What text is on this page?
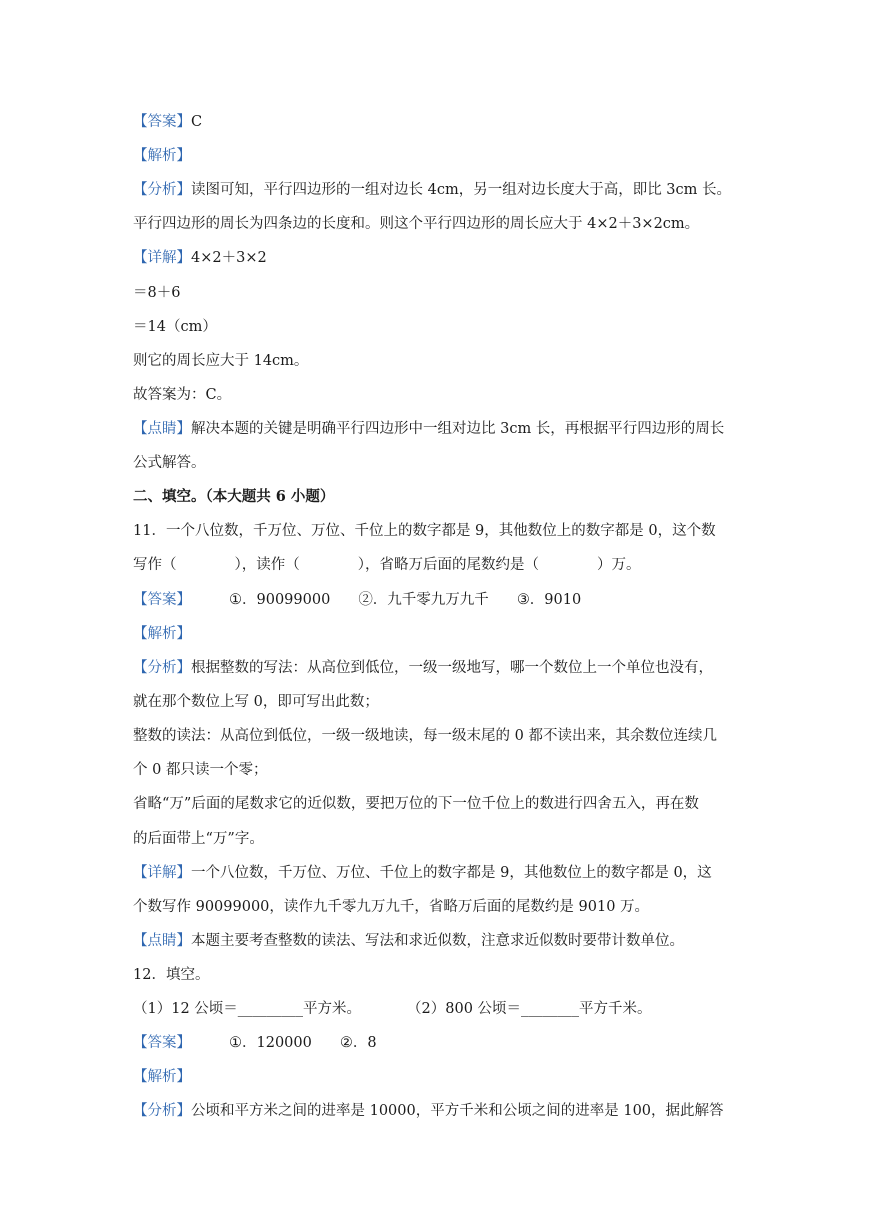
【答案】C
【解析】
【分析】读图可知，平行四边形的一组对边长 4cm，另一组对边长度大于高，即比 3cm 长。
平行四边形的周长为四条边的长度和。则这个平行四边形的周长应大于 4×2＋3×2cm。
【详解】4×2＋3×2
＝8＋6
＝14（cm）
则它的周长应大于 14cm。
故答案为：C。
【点睛】解决本题的关键是明确平行四边形中一组对边比 3cm 长，再根据平行四边形的周长
公式解答。
二、填空。（本大题共 6 小题）
11．一个八位数，千万位、万位、千位上的数字都是 9，其他数位上的数字都是 0，这个数
写作（　　　　），读作（　　　　），省略万后面的尾数约是（　　　　）万。
【答案】	①．90099000 ②．九千零九万九千 ③．9010
【解析】
【分析】根据整数的写法：从高位到低位，一级一级地写，哪一个数位上一个单位也没有，
就在那个数位上写 0，即可写出此数；
整数的读法：从高位到低位，一级一级地读，每一级末尾的 0 都不读出来，其余数位连续几
个 0 都只读一个零；
省略“万”后面的尾数求它的近似数，要把万位的下一位千位上的数进行四舍五入，再在数
的后面带上“万”字。
【详解】一个八位数，千万位、万位、千位上的数字都是 9，其他数位上的数字都是 0，这
个数写作 90099000，读作九千零九万九千，省略万后面的尾数约是 9010 万。
【点睛】本题主要考查整数的读法、写法和求近似数，注意求近似数时要带计数单位。
12．填空。
（1）12 公顷＝_________平方米。	（2）800 公顷＝________平方千米。
【答案】	①．120000 ②．8
【解析】
【分析】公顷和平方米之间的进率是 10000，平方千米和公顷之间的进率是 100，据此解答
